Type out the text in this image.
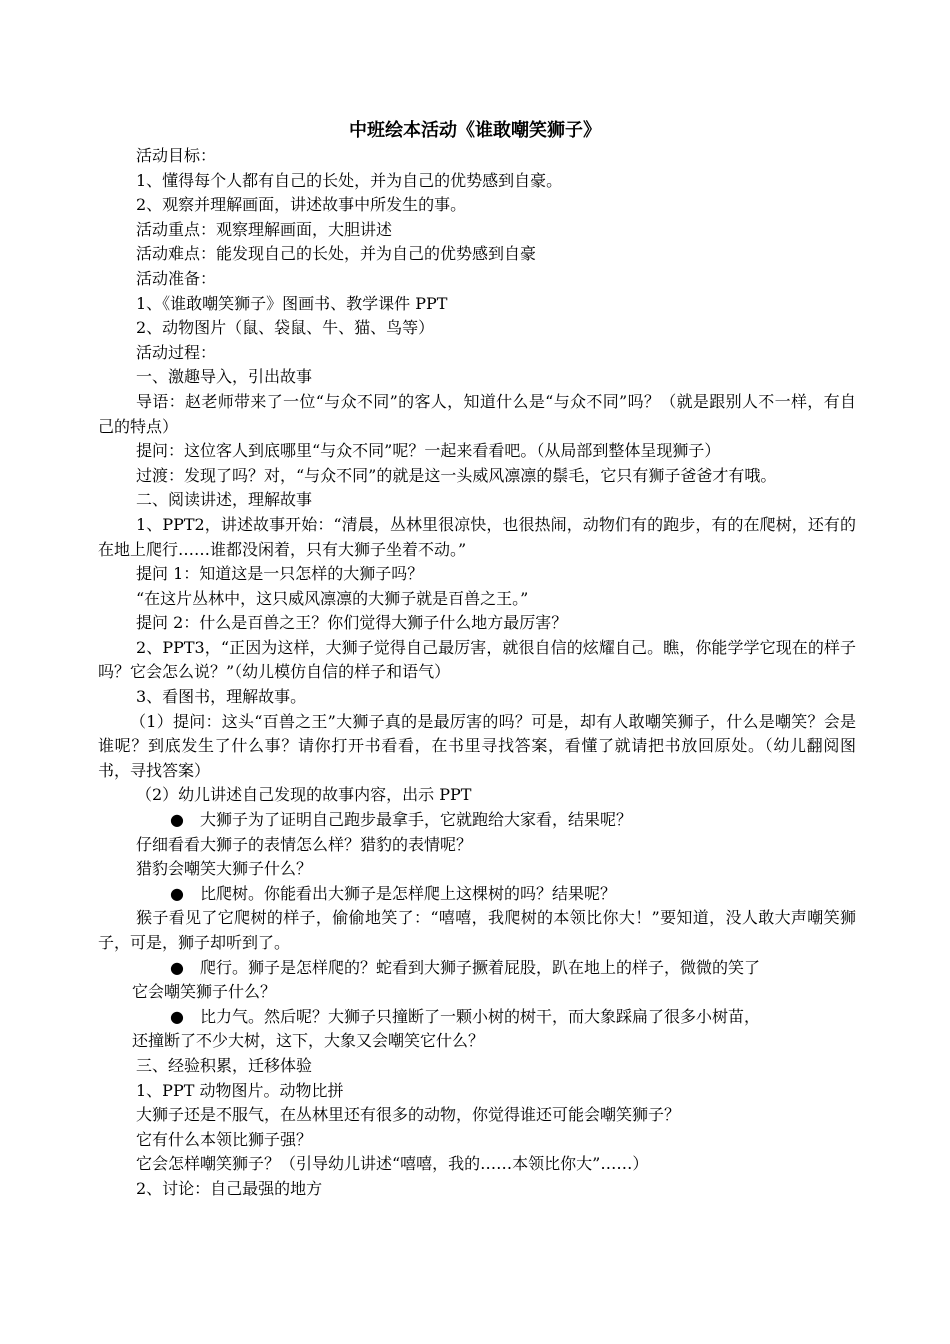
中班绘本活动《谁敢嘲笑狮子》

活动目标：

1、懂得每个人都有自己的长处，并为自己的优势感到自豪。

2、观察并理解画面，讲述故事中所发生的事。

活动重点：观察理解画面，大胆讲述

活动难点：能发现自己的长处，并为自己的优势感到自豪

活动准备：

1、《谁敢嘲笑狮子》图画书、教学课件 PPT

2、动物图片（鼠、袋鼠、牛、猫、鸟等）

活动过程：

一、激趣导入，引出故事

导语：赵老师带来了一位“与众不同”的客人，知道什么是“与众不同”吗？（就是跟别人不一样，有自己的特点）

提问：这位客人到底哪里“与众不同”呢？一起来看看吧。（从局部到整体呈现狮子）

过渡：发现了吗？对，“与众不同”的就是这一头威风凛凛的鬃毛，它只有狮子爸爸才有哦。

二、阅读讲述，理解故事

1、PPT2，讲述故事开始：“清晨，丛林里很凉快，也很热闹，动物们有的跑步，有的在爬树，还有的在地上爬行……谁都没闲着，只有大狮子坐着不动。”

提问 1：知道这是一只怎样的大狮子吗？

“在这片丛林中，这只威风凛凛的大狮子就是百兽之王。”

提问 2：什么是百兽之王？你们觉得大狮子什么地方最厉害？

2、PPT3，“正因为这样，大狮子觉得自己最厉害，就很自信的炫耀自己。瞧，你能学学它现在的样子吗？它会怎么说？”（幼儿模仿自信的样子和语气）

3、看图书，理解故事。

（1）提问：这头“百兽之王”大狮子真的是最厉害的吗？可是，却有人敢嘲笑狮子，什么是嘲笑？会是谁呢？到底发生了什么事？请你打开书看看，在书里寻找答案，看懂了就请把书放回原处。（幼儿翻阅图书，寻找答案）

（2）幼儿讲述自己发现的故事内容，出示 PPT

●	大狮子为了证明自己跑步最拿手，它就跑给大家看，结果呢？

仔细看看大狮子的表情怎么样？猎豹的表情呢？

猎豹会嘲笑大狮子什么？

●	比爬树。你能看出大狮子是怎样爬上这棵树的吗？结果呢？

猴子看见了它爬树的样子，偷偷地笑了：“嘻嘻，我爬树的本领比你大！”要知道，没人敢大声嘲笑狮子，可是，狮子却听到了。

●	爬行。狮子是怎样爬的？蛇看到大狮子撅着屁股，趴在地上的样子，微微的笑了

它会嘲笑狮子什么？

●	比力气。然后呢？大狮子只撞断了一颗小树的树干，而大象踩扁了很多小树苗，

还撞断了不少大树，这下，大象又会嘲笑它什么？

三、经验积累，迁移体验

1、PPT 动物图片。动物比拼

大狮子还是不服气，在丛林里还有很多的动物，你觉得谁还可能会嘲笑狮子？

它有什么本领比狮子强？

它会怎样嘲笑狮子？（引导幼儿讲述“嘻嘻，我的……本领比你大”……）

2、讨论：自己最强的地方
